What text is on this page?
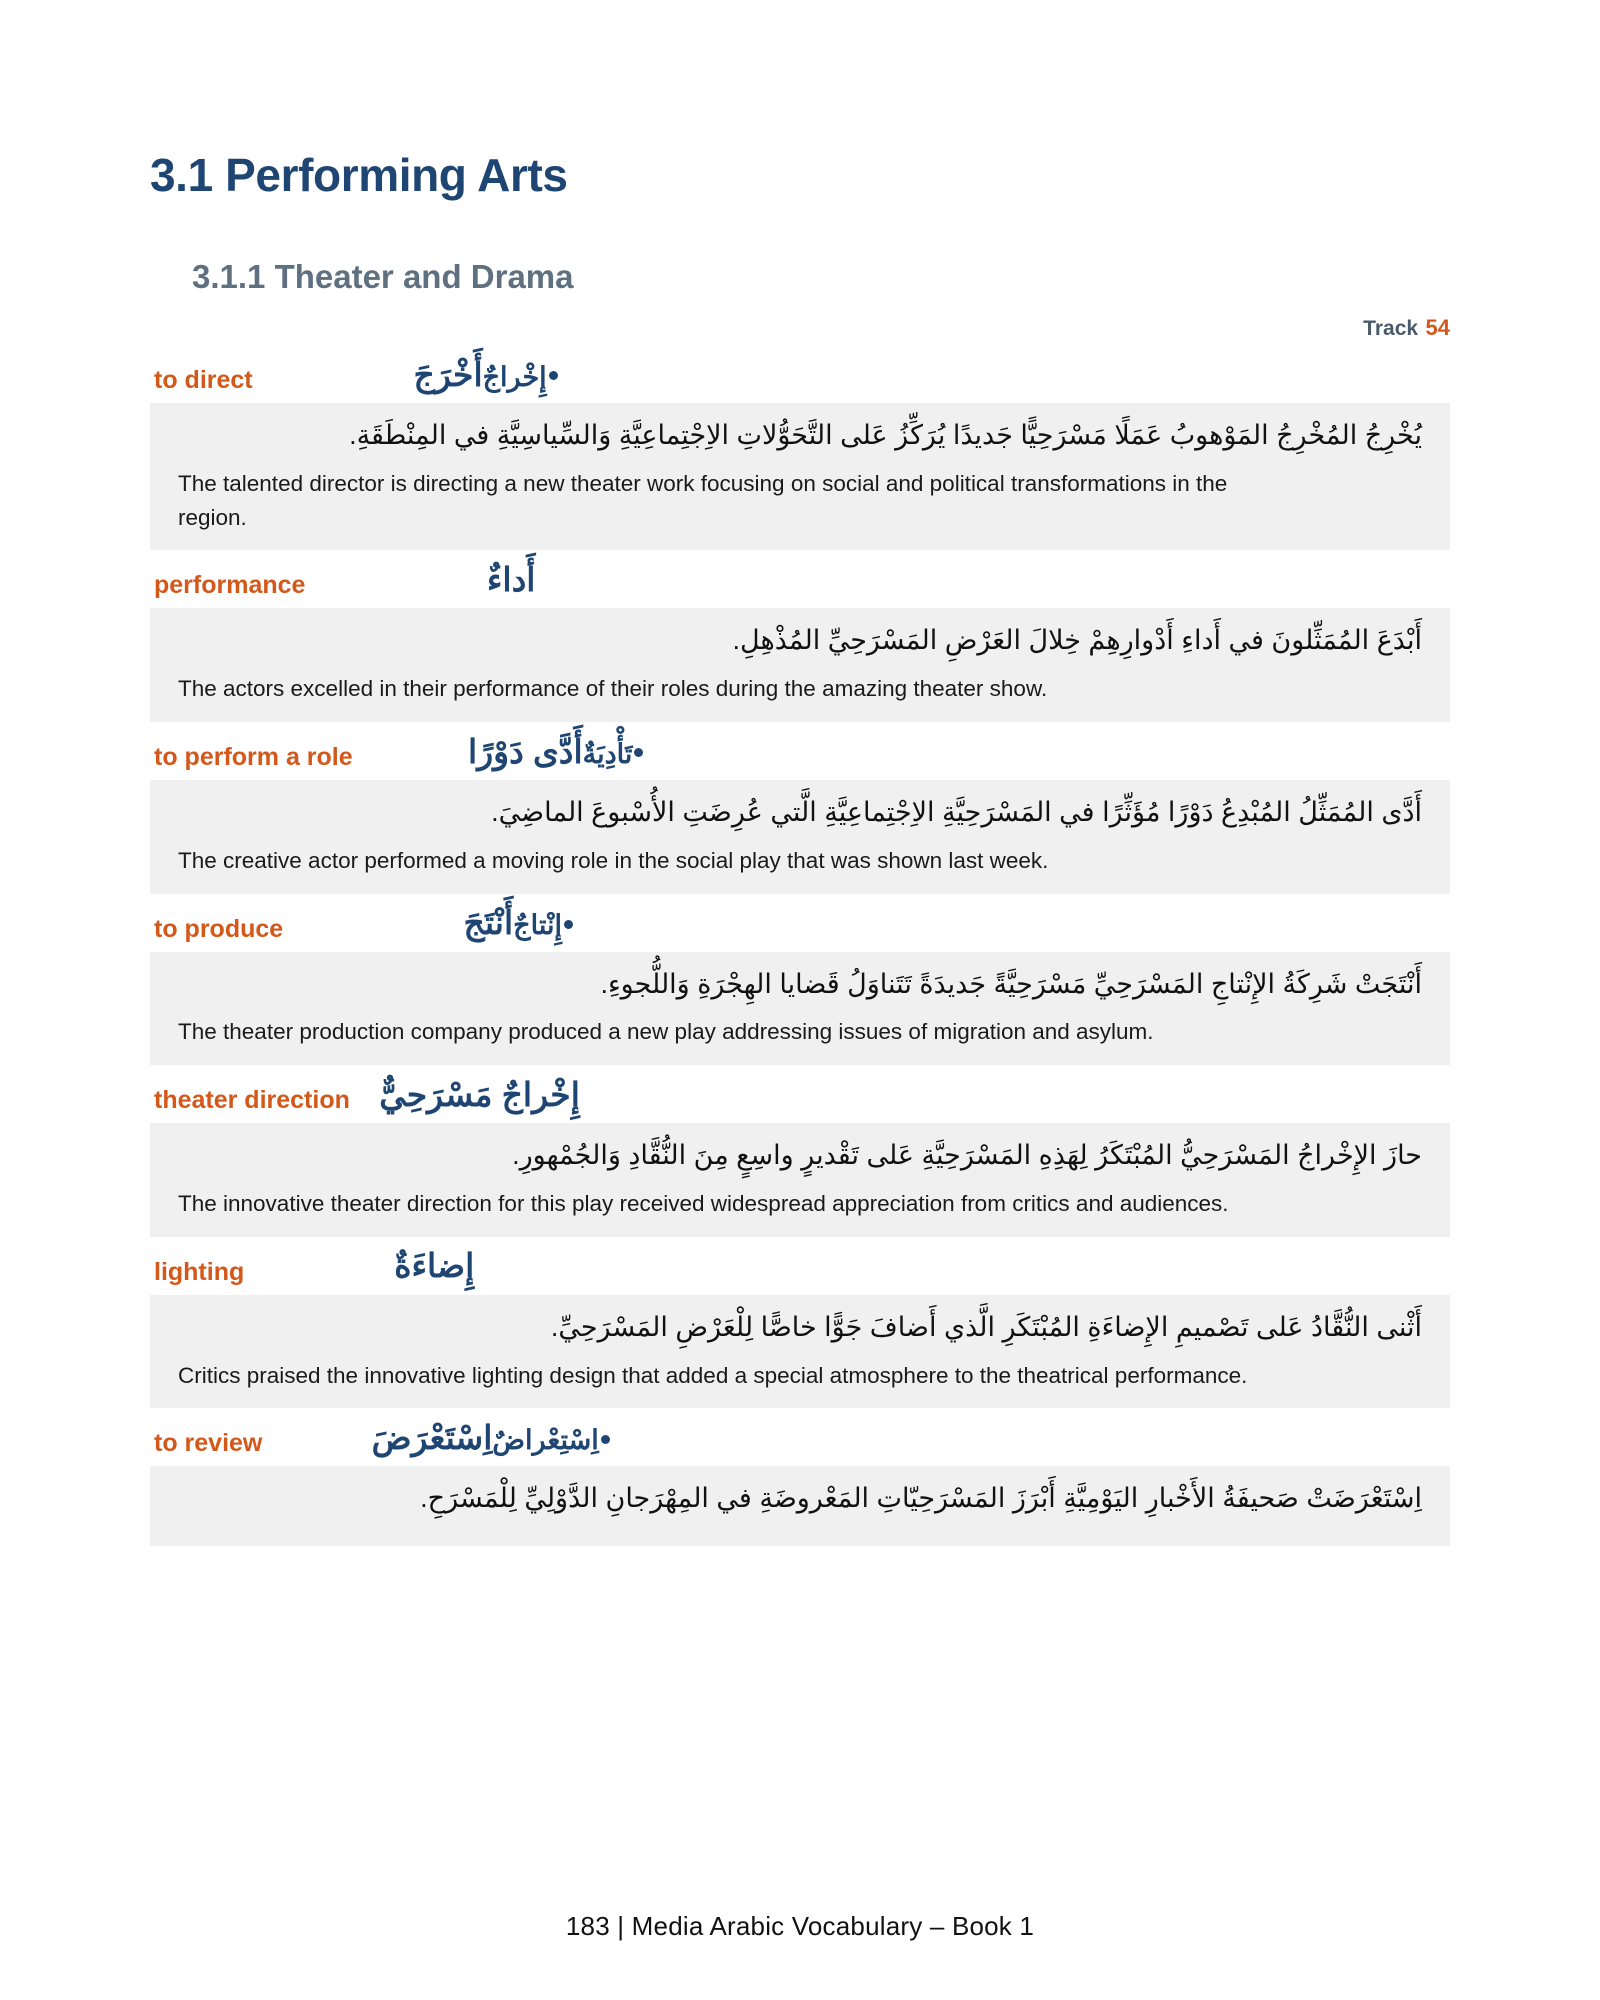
3.1 Performing Arts
3.1.1 Theater and Drama
Track 54
to direct	إِخْراجٌ
أَخْرَجَ

يُخْرِجُ المُخْرِجُ المَوْهوبُ عَمَلًا مَسْرَحِيًّا جَديدًا يُرَكِّزُ عَلى التَّحَوُّلاتِ الاِجْتِماعِيَّةِ وَالسِّياسِيَّةِ في المِنْطَقَةِ.

The talented director is directing a new theater work focusing on social and political transformations in the region.

performance	أَداءٌ

أَبْدَعَ المُمَثِّلونَ في أَداءِ أَدْوارِهِمْ خِلالَ العَرْضِ المَسْرَحِيِّ المُذْهِلِ.

The actors excelled in their performance of their roles during the amazing theater show.

to perform a role	تَأْدِيَةٌ
أَدَّى دَوْرًا

أَدَّى المُمَثِّلُ المُبْدِعُ دَوْرًا مُؤَثِّرًا في المَسْرَحِيَّةِ الاِجْتِماعِيَّةِ الَّتي عُرِضَتِ الأُسْبوعَ الماضِيَ.

The creative actor performed a moving role in the social play that was shown last week.

to produce	إِنْتاجٌ
أَنْتَجَ

أَنْتَجَتْ شَرِكَةُ الإِنْتاجِ المَسْرَحِيِّ مَسْرَحِيَّةً جَديدَةً تَتَناوَلُ قَضايا الهِجْرَةِ وَاللُّجوءِ.

The theater production company produced a new play addressing issues of migration and asylum.

theater direction إِخْراجٌ مَسْرَحِيٌّ

حازَ الإِخْراجُ المَسْرَحِيُّ المُبْتَكَرُ لِهَذِهِ المَسْرَحِيَّةِ عَلى تَقْديرٍ واسِعٍ مِنَ النُّقَّادِ وَالجُمْهورِ.

The innovative theater direction for this play received widespread appreciation from critics and audiences.

lighting	إِضاءَةٌ

أَثْنى النُّقَّادُ عَلى تَصْميمِ الإِضاءَةِ المُبْتَكَرِ الَّذي أَضافَ جَوًّا خاصًّا لِلْعَرْضِ المَسْرَحِيِّ.

Critics praised the innovative lighting design that added a special atmosphere to the theatrical performance.

to review	اِسْتِعْراضٌ
اِسْتَعْرَضَ

اِسْتَعْرَضَتْ صَحيفَةُ الأَخْبارِ اليَوْمِيَّةِ أَبْرَزَ المَسْرَحِيّاتِ المَعْروضَةِ في المِهْرَجانِ الدَّوْلِيِّ لِلْمَسْرَحِ.

183 | Media Arabic Vocabulary – Book 1
